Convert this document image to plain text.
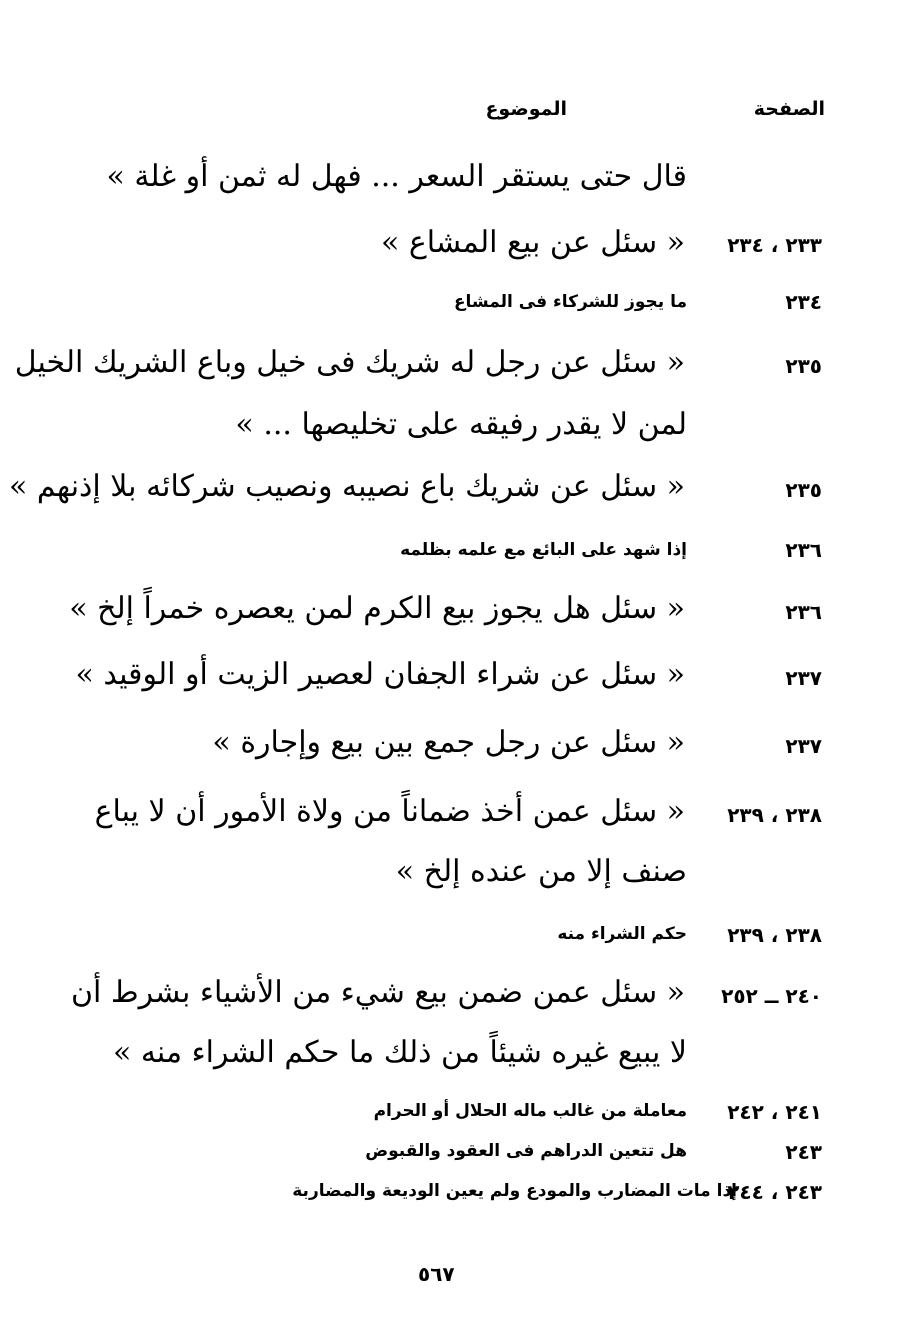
الصفحة
الموضوع
قال حتى يستقر السعر ... فهل له ثمن أو غلة »
٢٣٣ ، ٢٣٤
« سئل عن بيع المشاع »
٢٣٤
ما يجوز للشركاء فى المشاع
٢٣٥
« سئل عن رجل له شريك فى خيل وباع الشريك الخيل
لمن لا يقدر رفيقه على تخليصها ... »
٢٣٥
« سئل عن شريك باع نصيبه ونصيب شركائه بلا إذنهم »
٢٣٦
إذا شهد على البائع مع علمه بظلمه
٢٣٦
« سئل هل يجوز بيع الكرم لمن يعصره خمراً إلخ »
٢٣٧
« سئل عن شراء الجفان لعصير الزيت أو الوقيد »
٢٣٧
« سئل عن رجل جمع بين بيع وإجارة »
٢٣٨ ، ٢٣٩
« سئل عمن أخذ ضماناً من ولاة الأمور أن لا يباع
صنف إلا من عنده إلخ »
٢٣٨ ، ٢٣٩
حكم الشراء منه
٢٤٠ ــ ٢٥٢
« سئل عمن ضمن بيع شيء من الأشياء بشرط أن
لا يبيع غيره شيئاً من ذلك ما حكم الشراء منه »
٢٤١ ، ٢٤٢
معاملة من غالب ماله الحلال أو الحرام
٢٤٣
هل تتعين الدراهم فى العقود والقبوض
٢٤٣ ، ٢٤٤
إذا مات المضارب والمودع ولم يعين الوديعة والمضاربة
٥٦٧
